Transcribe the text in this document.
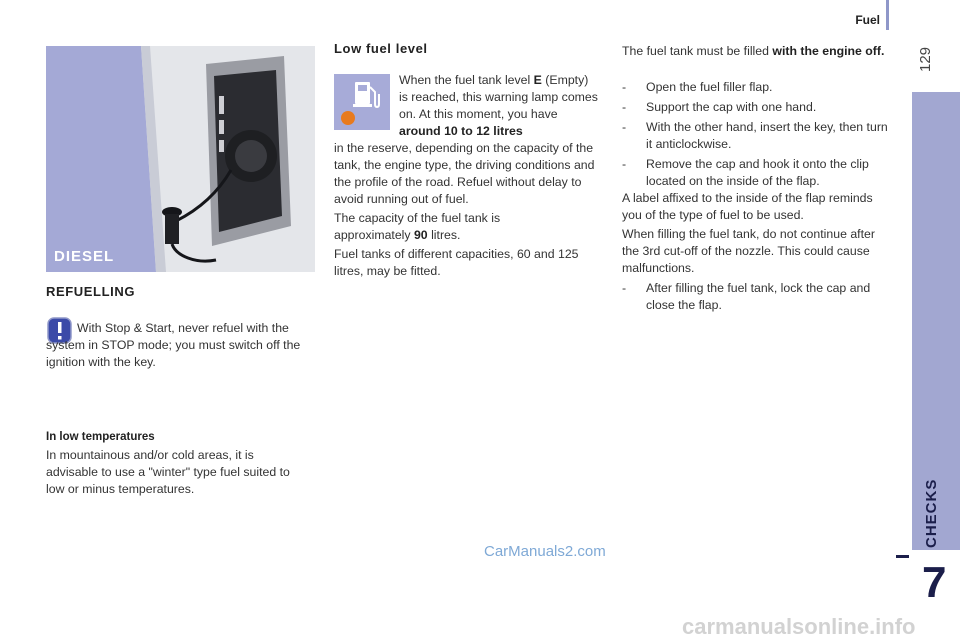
Fuel
129
CHECKS
7
DIESEL
Low fuel level

When the fuel tank level E (Empty) is reached, this warning lamp comes on. At this moment, you have around 10 to 12 litres

in the reserve, depending on the capacity of the tank, the engine type, the driving conditions and the profile of the road. Refuel without delay to avoid running out of fuel.

The capacity of the fuel tank is approximately 90 litres.

Fuel tanks of different capacities, 60 and 125 litres, may be fitted.

REFUELLING

With Stop & Start, never refuel with the system in STOP mode; you must switch off the ignition with the key.

In low temperatures

In mountainous and/or cold areas, it is advisable to use a "winter" type fuel suited to low or minus temperatures.

The fuel tank must be filled with the engine off.

- Open the fuel filler flap.

- Support the cap with one hand.

- With the other hand, insert the key, then turn it anticlockwise.

- Remove the cap and hook it onto the clip located on the inside of the flap.

A label affixed to the inside of the flap reminds you of the type of fuel to be used.

When filling the fuel tank, do not continue after the 3rd cut-off of the nozzle. This could cause malfunctions.

- After filling the fuel tank, lock the cap and close the flap.

CarManuals2.com
carmanualsonline.info
